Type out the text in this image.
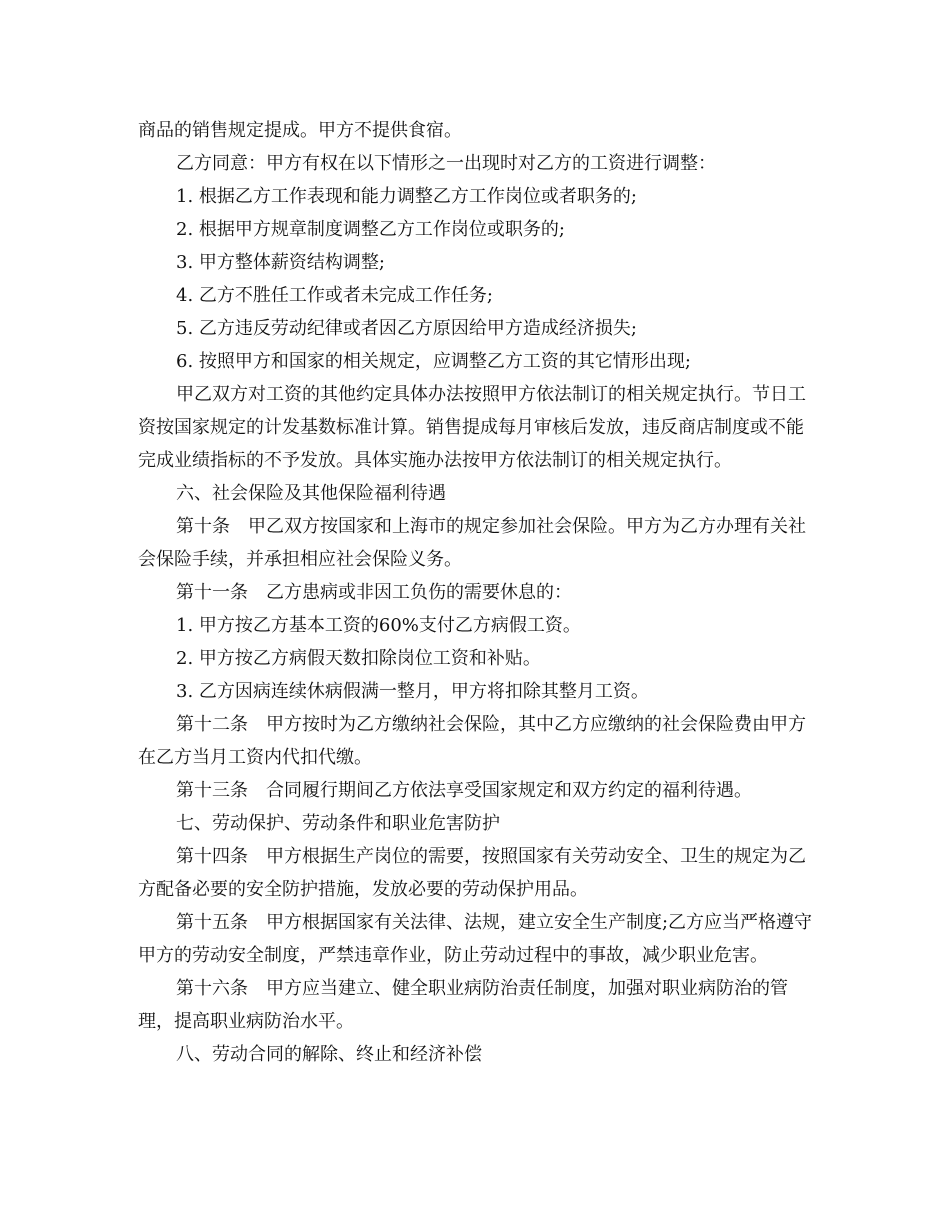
商品的销售规定提成。甲方不提供食宿。

乙方同意：甲方有权在以下情形之一出现时对乙方的工资进行调整：

1. 根据乙方工作表现和能力调整乙方工作岗位或者职务的;

2. 根据甲方规章制度调整乙方工作岗位或职务的;

3. 甲方整体薪资结构调整;

4. 乙方不胜任工作或者未完成工作任务;

5. 乙方违反劳动纪律或者因乙方原因给甲方造成经济损失;

6. 按照甲方和国家的相关规定，应调整乙方工资的其它情形出现;

甲乙双方对工资的其他约定具体办法按照甲方依法制订的相关规定执行。节日工资按国家规定的计发基数标准计算。销售提成每月审核后发放，违反商店制度或不能完成业绩指标的不予发放。具体实施办法按甲方依法制订的相关规定执行。

六、社会保险及其他保险福利待遇

第十条　甲乙双方按国家和上海市的规定参加社会保险。甲方为乙方办理有关社会保险手续，并承担相应社会保险义务。

第十一条　乙方患病或非因工负伤的需要休息的：

1. 甲方按乙方基本工资的60%支付乙方病假工资。

2. 甲方按乙方病假天数扣除岗位工资和补贴。

3. 乙方因病连续休病假满一整月，甲方将扣除其整月工资。

第十二条　甲方按时为乙方缴纳社会保险，其中乙方应缴纳的社会保险费由甲方在乙方当月工资内代扣代缴。

第十三条　合同履行期间乙方依法享受国家规定和双方约定的福利待遇。

七、劳动保护、劳动条件和职业危害防护

第十四条　甲方根据生产岗位的需要，按照国家有关劳动安全、卫生的规定为乙方配备必要的安全防护措施，发放必要的劳动保护用品。

第十五条　甲方根据国家有关法律、法规，建立安全生产制度;乙方应当严格遵守甲方的劳动安全制度，严禁违章作业，防止劳动过程中的事故，减少职业危害。

第十六条　甲方应当建立、健全职业病防治责任制度，加强对职业病防治的管理，提高职业病防治水平。

八、劳动合同的解除、终止和经济补偿
